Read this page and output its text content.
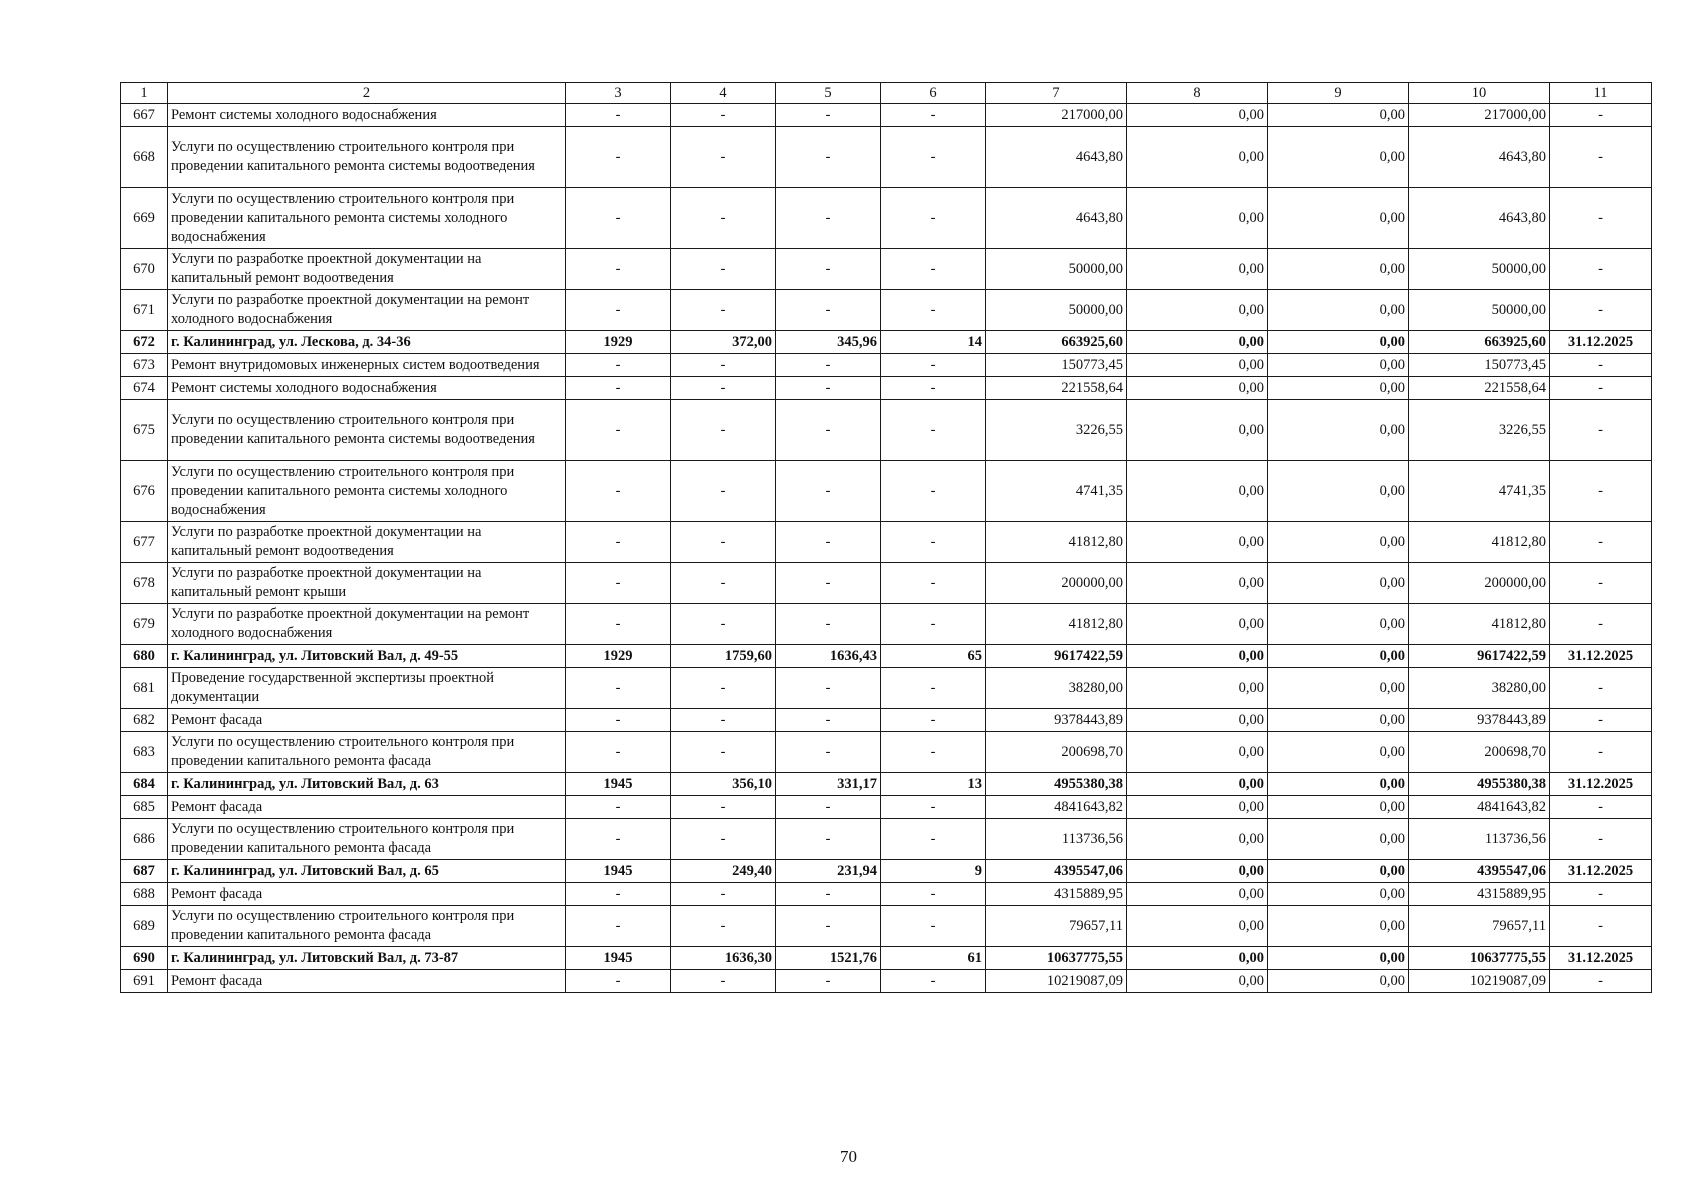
1	2	3	4	5	6	7	8	9	10	11
667	Ремонт системы холодного водоснабжения	-	-	-	-	217000,00	0,00	0,00	217000,00	-
668	Услуги по осуществлению строительного контроля при проведении капитального ремонта системы водоотведения	-	-	-	-	4643,80	0,00	0,00	4643,80	-
669	Услуги по осуществлению строительного контроля при проведении капитального ремонта системы холодного водоснабжения	-	-	-	-	4643,80	0,00	0,00	4643,80	-
670	Услуги по разработке проектной документации на капитальный ремонт водоотведения	-	-	-	-	50000,00	0,00	0,00	50000,00	-
671	Услуги по разработке проектной документации на ремонт холодного водоснабжения	-	-	-	-	50000,00	0,00	0,00	50000,00	-
672	г. Калининград, ул. Лескова, д. 34-36	1929	372,00	345,96	14	663925,60	0,00	0,00	663925,60	31.12.2025
673	Ремонт внутридомовых инженерных систем водоотведения	-	-	-	-	150773,45	0,00	0,00	150773,45	-
674	Ремонт системы холодного водоснабжения	-	-	-	-	221558,64	0,00	0,00	221558,64	-
675	Услуги по осуществлению строительного контроля при проведении капитального ремонта системы водоотведения	-	-	-	-	3226,55	0,00	0,00	3226,55	-
676	Услуги по осуществлению строительного контроля при проведении капитального ремонта системы холодного водоснабжения	-	-	-	-	4741,35	0,00	0,00	4741,35	-
677	Услуги по разработке проектной документации на капитальный ремонт водоотведения	-	-	-	-	41812,80	0,00	0,00	41812,80	-
678	Услуги по разработке проектной документации на капитальный ремонт крыши	-	-	-	-	200000,00	0,00	0,00	200000,00	-
679	Услуги по разработке проектной документации на ремонт холодного водоснабжения	-	-	-	-	41812,80	0,00	0,00	41812,80	-
680	г. Калининград, ул. Литовский Вал, д. 49-55	1929	1759,60	1636,43	65	9617422,59	0,00	0,00	9617422,59	31.12.2025
681	Проведение государственной экспертизы проектной документации	-	-	-	-	38280,00	0,00	0,00	38280,00	-
682	Ремонт фасада	-	-	-	-	9378443,89	0,00	0,00	9378443,89	-
683	Услуги по осуществлению строительного контроля при проведении капитального ремонта фасада	-	-	-	-	200698,70	0,00	0,00	200698,70	-
684	г. Калининград, ул. Литовский Вал, д. 63	1945	356,10	331,17	13	4955380,38	0,00	0,00	4955380,38	31.12.2025
685	Ремонт фасада	-	-	-	-	4841643,82	0,00	0,00	4841643,82	-
686	Услуги по осуществлению строительного контроля при проведении капитального ремонта фасада	-	-	-	-	113736,56	0,00	0,00	113736,56	-
687	г. Калининград, ул. Литовский Вал, д. 65	1945	249,40	231,94	9	4395547,06	0,00	0,00	4395547,06	31.12.2025
688	Ремонт фасада	-	-	-	-	4315889,95	0,00	0,00	4315889,95	-
689	Услуги по осуществлению строительного контроля при проведении капитального ремонта фасада	-	-	-	-	79657,11	0,00	0,00	79657,11	-
690	г. Калининград, ул. Литовский Вал, д. 73-87	1945	1636,30	1521,76	61	10637775,55	0,00	0,00	10637775,55	31.12.2025
691	Ремонт фасада	-	-	-	-	10219087,09	0,00	0,00	10219087,09	-
70
